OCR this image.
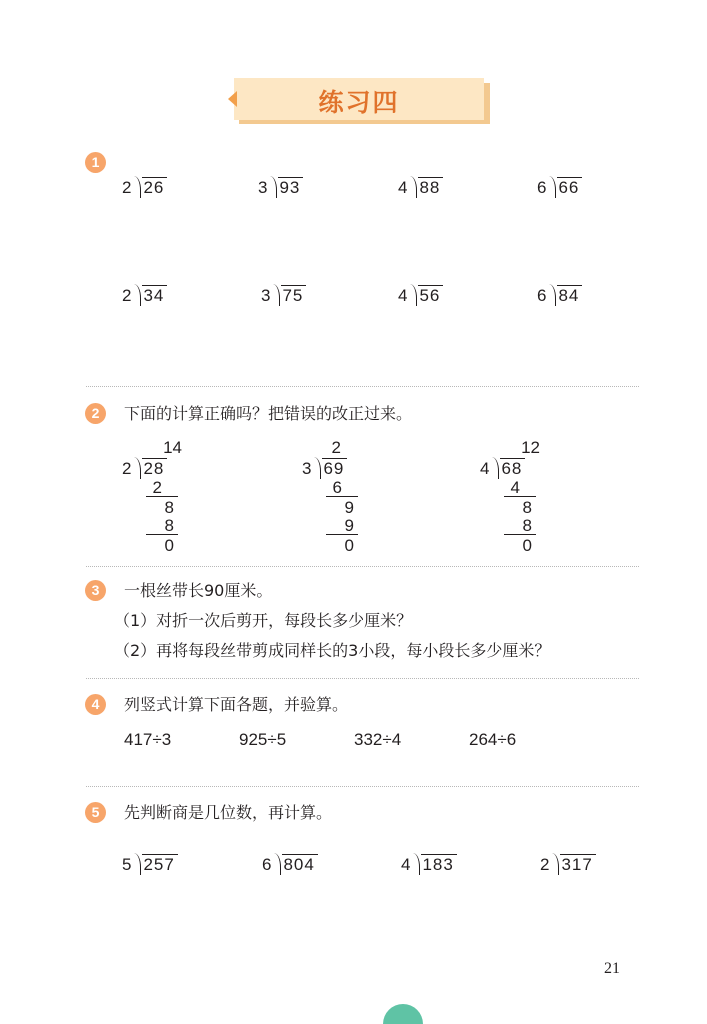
练习四
1
2 26	3 93	4 88	6 66
2 34	3 75	4 56	6 84
2	下面的计算正确吗？把错误的改正过来。
14
2 28
2
8
8
0
2
3 69
6
9
9
0
12
4 68
4
8
8
0
3	一根丝带长90厘米。
（1）对折一次后剪开，每段长多少厘米？
（2）再将每段丝带剪成同样长的3小段，每小段长多少厘米？
4	列竖式计算下面各题，并验算。
417÷3	925÷5	332÷4	264÷6
5	先判断商是几位数，再计算。
5 257	6 804	4 183	2 317
21
